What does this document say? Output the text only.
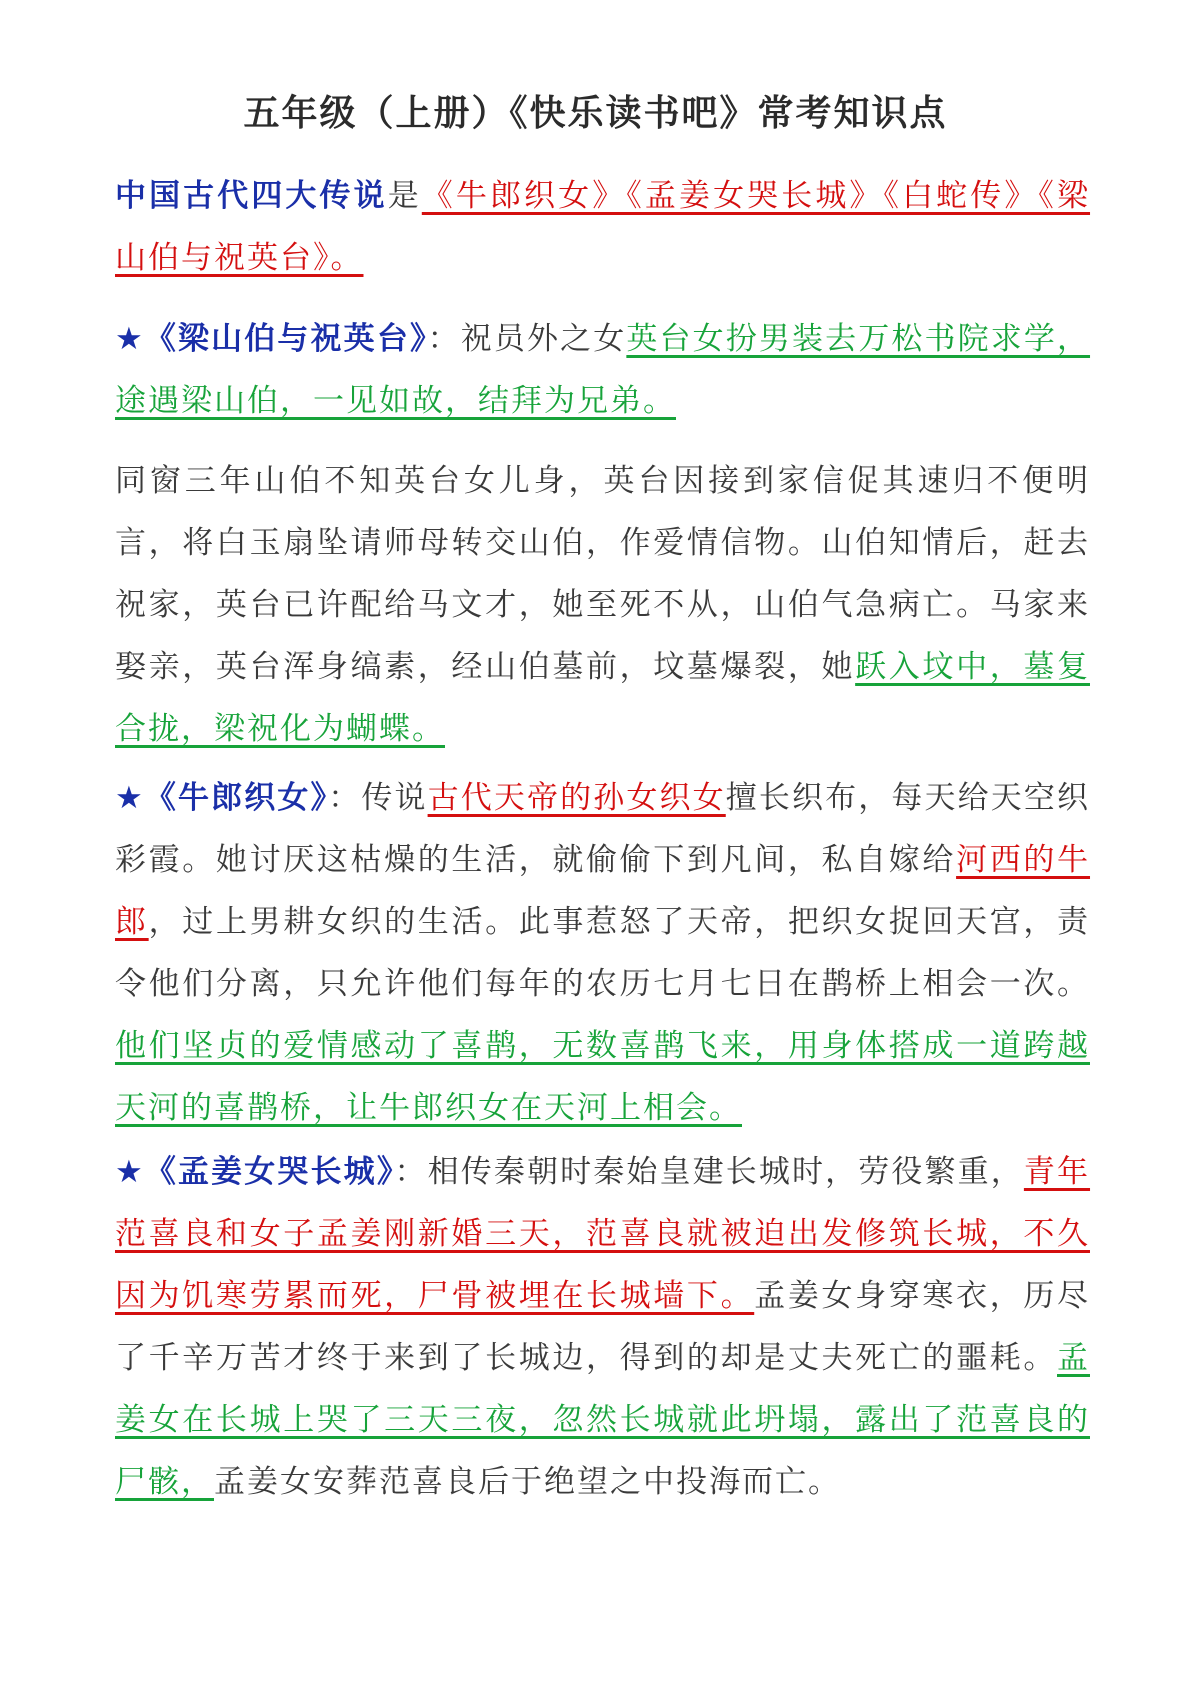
五年级（上册）《快乐读书吧》常考知识点
中国古代四大传说是《牛郎织女》《孟姜女哭长城》《白蛇传》《梁山伯与祝英台》。
★《梁山伯与祝英台》：祝员外之女英台女扮男装去万松书院求学，途遇梁山伯，一见如故，结拜为兄弟。
同窗三年山伯不知英台女儿身，英台因接到家信促其速归不便明言，将白玉扇坠请师母转交山伯，作爱情信物。山伯知情后，赶去祝家，英台已许配给马文才，她至死不从，山伯气急病亡。马家来娶亲，英台浑身缟素，经山伯墓前，坟墓爆裂，她跃入坟中，墓复合拢，梁祝化为蝴蝶。
★《牛郎织女》：传说古代天帝的孙女织女擅长织布，每天给天空织彩霞。她讨厌这枯燥的生活，就偷偷下到凡间，私自嫁给河西的牛郎，过上男耕女织的生活。此事惹怒了天帝，把织女捉回天宫，责令他们分离，只允许他们每年的农历七月七日在鹊桥上相会一次。他们坚贞的爱情感动了喜鹊，无数喜鹊飞来，用身体搭成一道跨越天河的喜鹊桥，让牛郎织女在天河上相会。
★《孟姜女哭长城》：相传秦朝时秦始皇建长城时，劳役繁重，青年范喜良和女子孟姜刚新婚三天，范喜良就被迫出发修筑长城，不久因为饥寒劳累而死，尸骨被埋在长城墙下。孟姜女身穿寒衣，历尽了千辛万苦才终于来到了长城边，得到的却是丈夫死亡的噩耗。孟姜女在长城上哭了三天三夜，忽然长城就此坍塌，露出了范喜良的尸骸，孟姜女安葬范喜良后于绝望之中投海而亡。
